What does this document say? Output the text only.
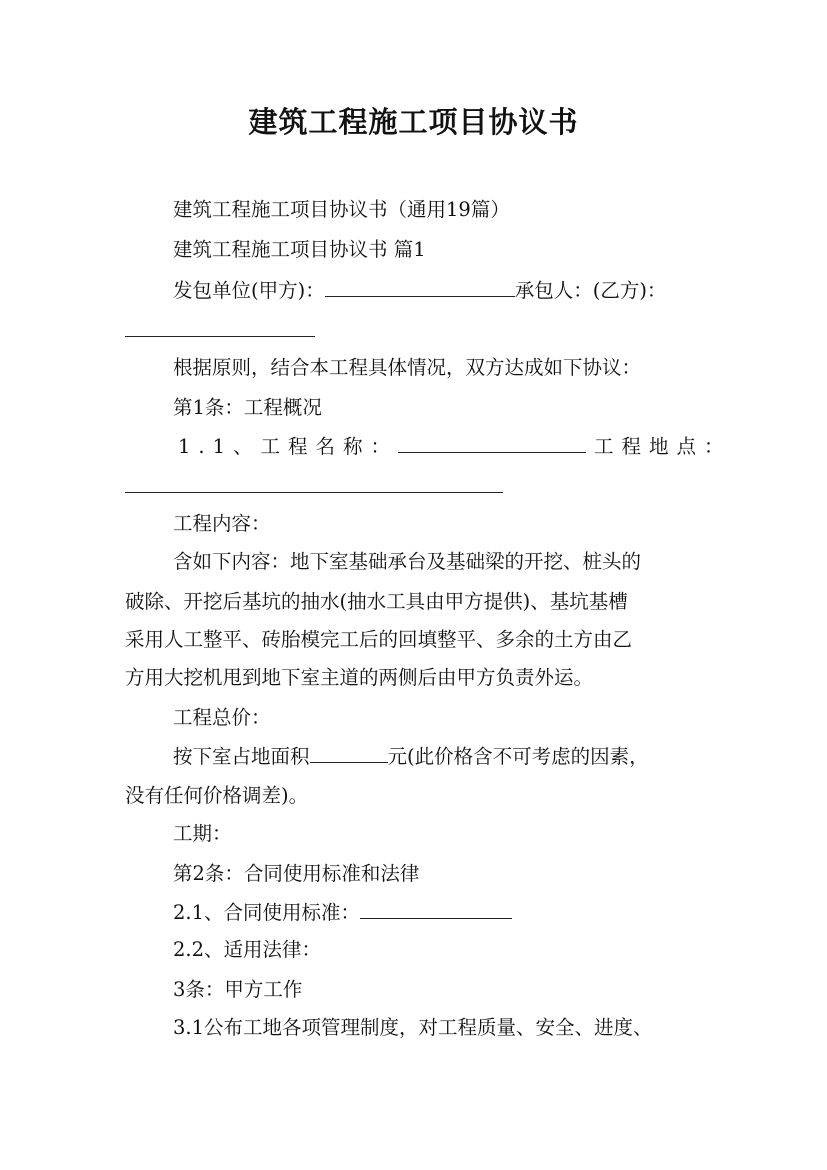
建筑工程施工项目协议书
建筑工程施工项目协议书（通用19篇）
建筑工程施工项目协议书 篇1
发包单位(甲方)：	承包人：(乙方)：
根据原则，结合本工程具体情况，双方达成如下协议：
第1条：工程概况
1.1、工程名称：	工程地点：
工程内容：
含如下内容：地下室基础承台及基础梁的开挖、桩头的
破除、开挖后基坑的抽水(抽水工具由甲方提供)、基坑基槽
采用人工整平、砖胎模完工后的回填整平、多余的土方由乙
方用大挖机甩到地下室主道的两侧后由甲方负责外运。
工程总价：
按下室占地面积	元(此价格含不可考虑的因素，
没有任何价格调差)。
工期：
第2条：合同使用标准和法律
2.1、合同使用标准：
2.2、适用法律：
3条：甲方工作
3.1公布工地各项管理制度，对工程质量、安全、进度、
